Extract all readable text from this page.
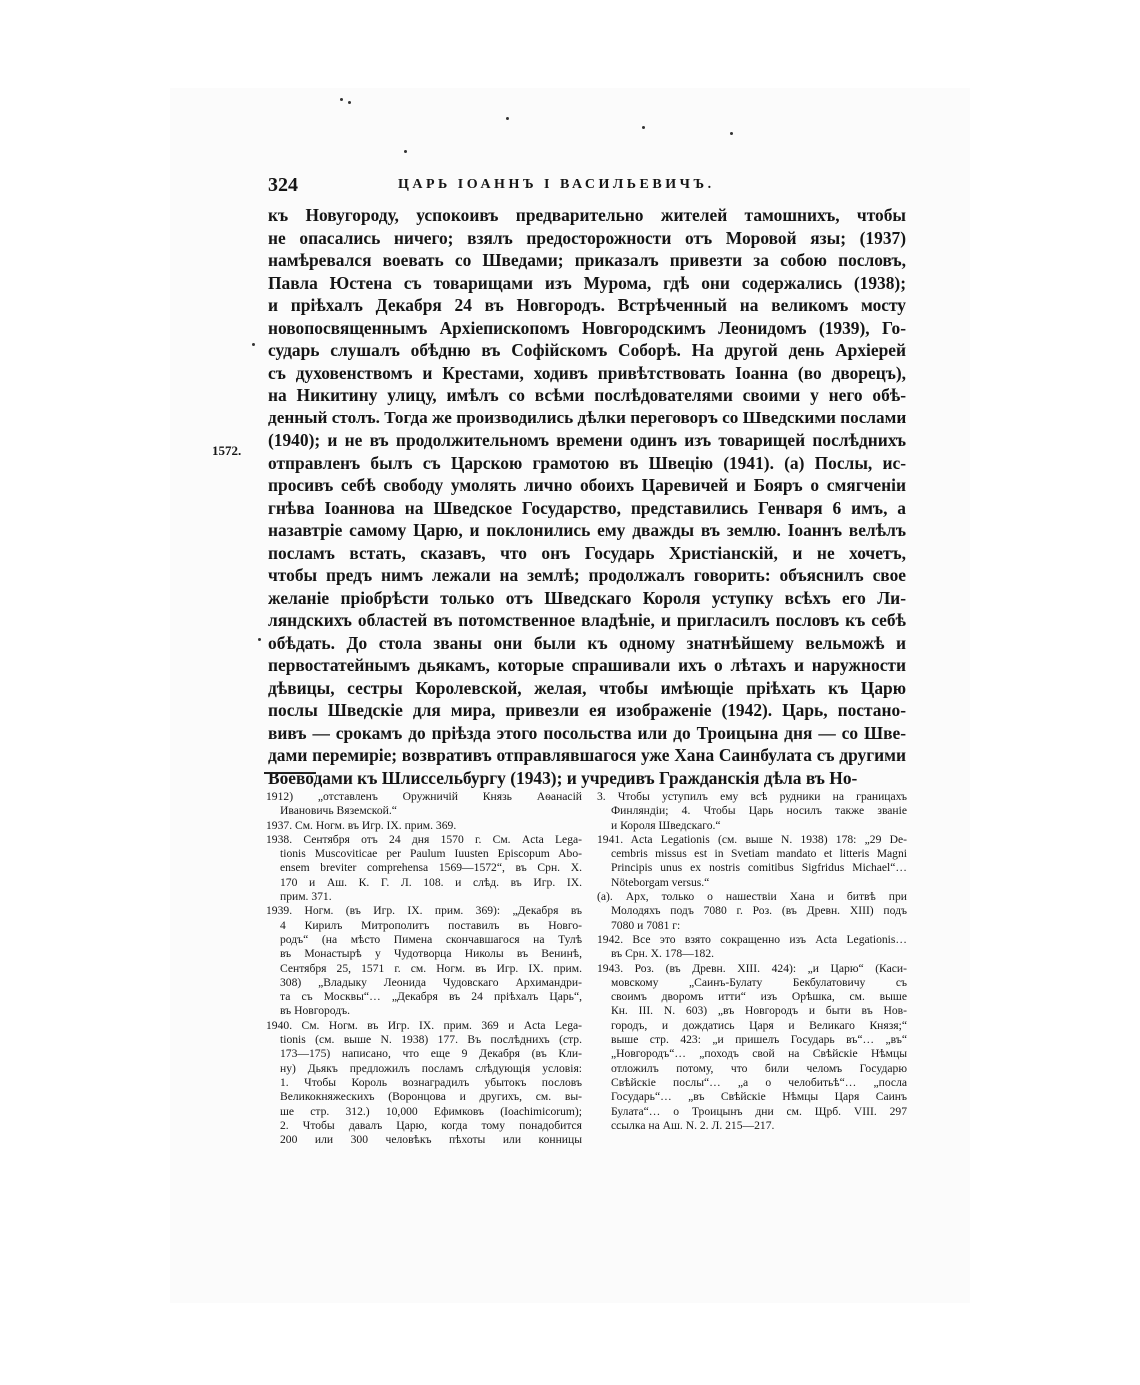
324	ЦАРЬ ІОАННЪ І ВАСИЛЬЕВИЧЪ.
1572.
къ Новугороду, успокоивъ предварительно жителей тамошнихъ, чтобы
не опасались ничего; взялъ предосторожности отъ Моровой язы; (1937)
намѣревался воевать со Шведами; приказалъ привезти за собою пословъ,
Павла Юстена съ товарищами изъ Мурома, гдѣ они содержались (1938);
и пріѣхалъ Декабря 24 въ Новгородъ. Встрѣченный на великомъ мосту
новопосвященнымъ Архіепископомъ Новгородскимъ Леонидомъ (1939), Го-
сударь слушалъ обѣдню въ Софійскомъ Соборѣ. На другой день Архіерей
съ духовенствомъ и Крестами, ходивъ привѣтствовать Іоанна (во дворецъ),
на Никитину улицу, имѣлъ со всѣми послѣдователями своими у него обѣ-
денный столъ. Тогда же производились дѣлки переговоръ со Шведскими послами
(1940); и не въ продолжительномъ времени одинъ изъ товарищей послѣднихъ
отправленъ былъ съ Царскою грамотою въ Швецію (1941). (а) Послы, ис-
просивъ себѣ свободу умолять лично обоихъ Царевичей и Бояръ о смягченіи
гнѣва Іоаннова на Шведское Государство, представились Генваря 6 имъ, а
назавтріе самому Царю, и поклонились ему дважды въ землю. Іоаннъ велѣлъ
посламъ встать, сказавъ, что онъ Государь Христіанскій, и не хочетъ,
чтобы предъ нимъ лежали на землѣ; продолжалъ говорить: объяснилъ свое
желаніе пріобрѣсти только отъ Шведскаго Короля уступку всѣхъ его Ли-
ляндскихъ областей въ потомственное владѣніе, и пригласилъ пословъ къ себѣ
обѣдать. До стола званы они были къ одному знатнѣйшему вельможѣ и
первостатейнымъ дьякамъ, которые спрашивали ихъ о лѣтахъ и наружности
дѣвицы, сестры Королевской, желая, чтобы имѣющіе пріѣхать къ Царю
послы Шведскіе для мира, привезли ея изображеніе (1942). Царь, постано-
вивъ — срокамъ до пріѣзда этого посольства или до Троицына дня — со Шве-
дами перемиріе; возвративъ отправлявшагося уже Хана Саинбулата съ другими
Воеводами къ Шлиссельбургу (1943); и учредивъ Гражданскія дѣла въ Но-
1912) „отставленъ Оружничій Князь Аѳанасій
Ивановичь Вяземской.“
1937. См. Ногм. въ Игр. IX. прим. 369.
1938. Сентября отъ 24 дня 1570 г. См. Acta Lega-
tionis Muscoviticae per Paulum Iuusten Episcopum Abo-
ensem breviter comprehensa 1569—1572“, въ Срн. X.
170 и Аш. К. Г. Л. 108. и слѣд. въ Игр. IX.
прим. 371.
1939. Ногм. (въ Игр. IX. прим. 369): „Декабря въ
4 Кирилъ Митрополитъ поставилъ въ Новго-
родъ“ (на мѣсто Пимена скончавшагося на Тулѣ
въ Монастырѣ у Чудотворца Николы въ Венинѣ,
Сентября 25, 1571 г. см. Ногм. въ Игр. IX. прим.
308) „Владыку Леонида Чудовскаго Архимандри-
та съ Москвы“… „Декабря въ 24 пріѣхалъ Царь“,
въ Новгородъ.
1940. См. Ногм. въ Игр. IX. прим. 369 и Acta Lega-
tionis (см. выше N. 1938) 177. Въ послѣднихъ (стр.
173—175) написано, что еще 9 Декабря (въ Кли-
ну) Дьякъ предложилъ посламъ слѣдующія условія:
1. Чтобы Король вознаградилъ убытокъ пословъ
Великокняжескихъ (Воронцова и другихъ, см. вы-
ше стр. 312.) 10,000 Ефимковъ (Ioachimicorum);
2. Чтобы давалъ Царю, когда тому понадобится
200 или 300 человѣкъ пѣхоты или конницы
3. Чтобы уступилъ ему всѣ рудники на границахъ
Финляндіи; 4. Чтобы Царь носилъ также званіе
и Короля Шведскаго.“
1941. Acta Legationis (см. выше N. 1938) 178: „29 De-
cembris missus est in Svetiam mandato et litteris Magni
Principis unus ex nostris comitibus Sigfridus Michael“…
Nöteborgam versus.“
(а). Арх, только о нашествіи Хана и битвѣ при
Молодяхъ подъ 7080 г. Роз. (въ Древн. XIII) подъ
7080 и 7081 г:
1942. Все это взято сокращенно изъ Acta Legationis…
въ Срн. X. 178—182.
1943. Роз. (въ Древн. XIII. 424): „и Царю“ (Каси-
мовскому „Саинъ-Булату Бекбулатовичу съ
своимъ дворомъ итти“ изъ Орѣшка, см. выше
Кн. III. N. 603) „въ Новгородъ и быти въ Нов-
городъ, и дождатись Царя и Великаго Князя;“
выше стр. 423: „и пришелъ Государь въ“… „въ“
„Новгородъ“… „походъ свой на Свѣйскіе Нѣмцы
отложилъ потому, что били челомъ Государю
Свѣйскіе послы“… „а о челобитьѣ“… „посла
Государь“… „въ Свѣйскіе Нѣмцы Царя Саинъ
Булата“… о Троицынъ дни см. Щрб. VIII. 297
ссылка на Аш. N. 2. Л. 215—217.
